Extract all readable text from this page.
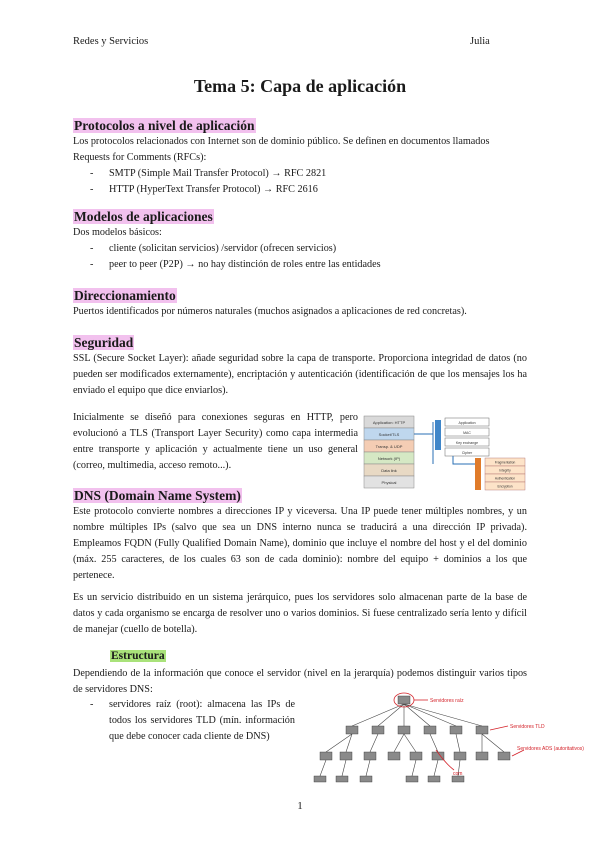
Redes y Servicios	Julia
Tema 5: Capa de aplicación
Protocolos a nivel de aplicación
Los protocolos relacionados con Internet son de dominio público. Se definen en documentos llamados Requests for Comments (RFCs):
- SMTP (Simple Mail Transfer Protocol) → RFC 2821
- HTTP (HyperText Transfer Protocol) → RFC 2616
Modelos de aplicaciones
Dos modelos básicos:
- cliente (solicitan servicios) /servidor (ofrecen servicios)
- peer to peer (P2P) → no hay distinción de roles entre las entidades
Direccionamiento
Puertos identificados por números naturales (muchos asignados a aplicaciones de red concretas).
Seguridad
SSL (Secure Socket Layer): añade seguridad sobre la capa de transporte. Proporciona integridad de datos (no pueden ser modificados externamente), encriptación y autenticación (identificación de que los mensajes los ha enviado el equipo que dice enviarlos).
Inicialmente se diseñó para conexiones seguras en HTTP, pero evolucionó a TLS (Transport Layer Security) como capa intermedia entre transporte y aplicación y actualmente tiene un uso general (correo, multimedia, acceso remoto...).
Application: HTTP
Socket/TLS
Transp. & UDP
Network (IP)
Data link
Physical
Application
MAC
Key exchange
Cipher
Fragmentation
Integrity
Authentication
Encryption
DNS (Domain Name System)
Este protocolo convierte nombres a direcciones IP y viceversa. Una IP puede tener múltiples nombres, y un nombre múltiples IPs (salvo que sea un DNS interno nunca se traducirá a una dirección IP privada). Empleamos FQDN (Fully Qualified Domain Name), dominio que incluye el nombre del host y el del dominio (máx. 255 caracteres, de los cuales 63 son de cada dominio): nombre del equipo + dominios a los que pertenece.
Es un servicio distribuido en un sistema jerárquico, pues los servidores solo almacenan parte de la base de datos y cada organismo se encarga de resolver uno o varios dominios. Si fuese centralizado sería lento y difícil de manejar (cuello de botella).
Estructura
Dependiendo de la información que conoce el servidor (nivel en la jerarquía) podemos distinguir varios tipos de servidores DNS:
- servidores raíz (root): almacena las IPs de todos los servidores TLD (mín. información que debe conocer cada cliente de DNS)
Servidores raíz
Servidores TLD
Servidores ADS (autoritativos)
com
1
